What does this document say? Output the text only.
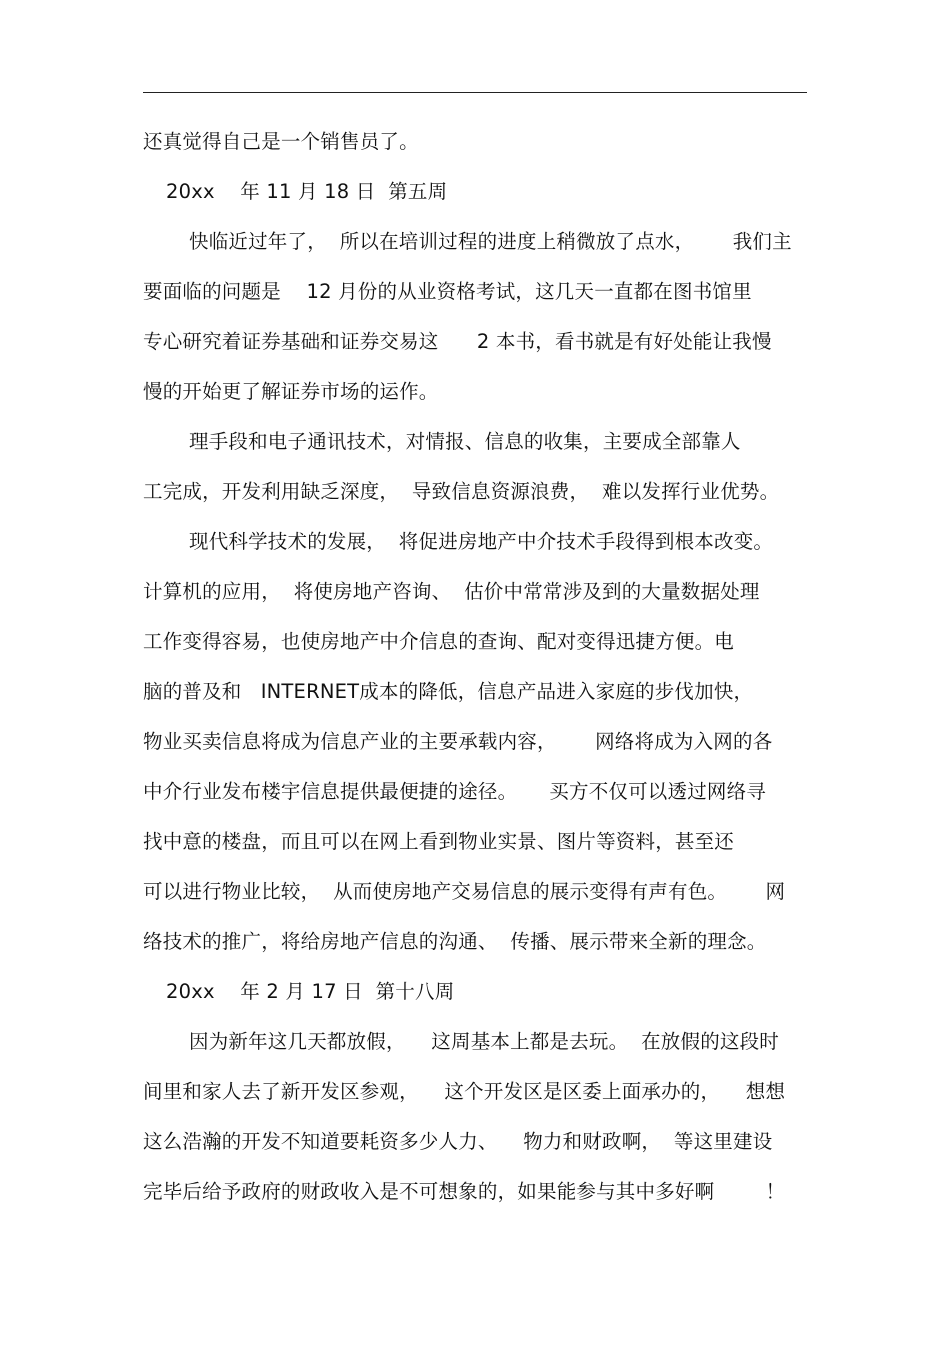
还真觉得自己是一个销售员了。
20xx    年 11 月 18 日  第五周
快临近过年了，  所以在培训过程的进度上稍微放了点水，      我们主
要面临的问题是    12 月份的从业资格考试，这几天一直都在图书馆里
专心研究着证券基础和证券交易这      2 本书，看书就是有好处能让我慢
慢的开始更了解证券市场的运作。
理手段和电子通讯技术，对情报、信息的收集，主要成全部靠人
工完成，开发利用缺乏深度，  导致信息资源浪费，  难以发挥行业优势。
现代科学技术的发展，  将促进房地产中介技术手段得到根本改变。
计算机的应用，  将使房地产咨询、  估价中常常涉及到的大量数据处理
工作变得容易，也使房地产中介信息的查询、配对变得迅捷方便。电
脑的普及和   INTERNET成本的降低，信息产品进入家庭的步伐加快，
物业买卖信息将成为信息产业的主要承载内容，      网络将成为入网的各
中介行业发布楼宇信息提供最便捷的途径。     买方不仅可以透过网络寻
找中意的楼盘，而且可以在网上看到物业实景、图片等资料，甚至还
可以进行物业比较，  从而使房地产交易信息的展示变得有声有色。      网
络技术的推广，将给房地产信息的沟通、  传播、展示带来全新的理念。
20xx    年 2 月 17 日  第十八周
因为新年这几天都放假，    这周基本上都是去玩。  在放假的这段时
间里和家人去了新开发区参观，    这个开发区是区委上面承办的，    想想
这么浩瀚的开发不知道要耗资多少人力、    物力和财政啊，  等这里建设
完毕后给予政府的财政收入是不可想象的，如果能参与其中多好啊        ！
